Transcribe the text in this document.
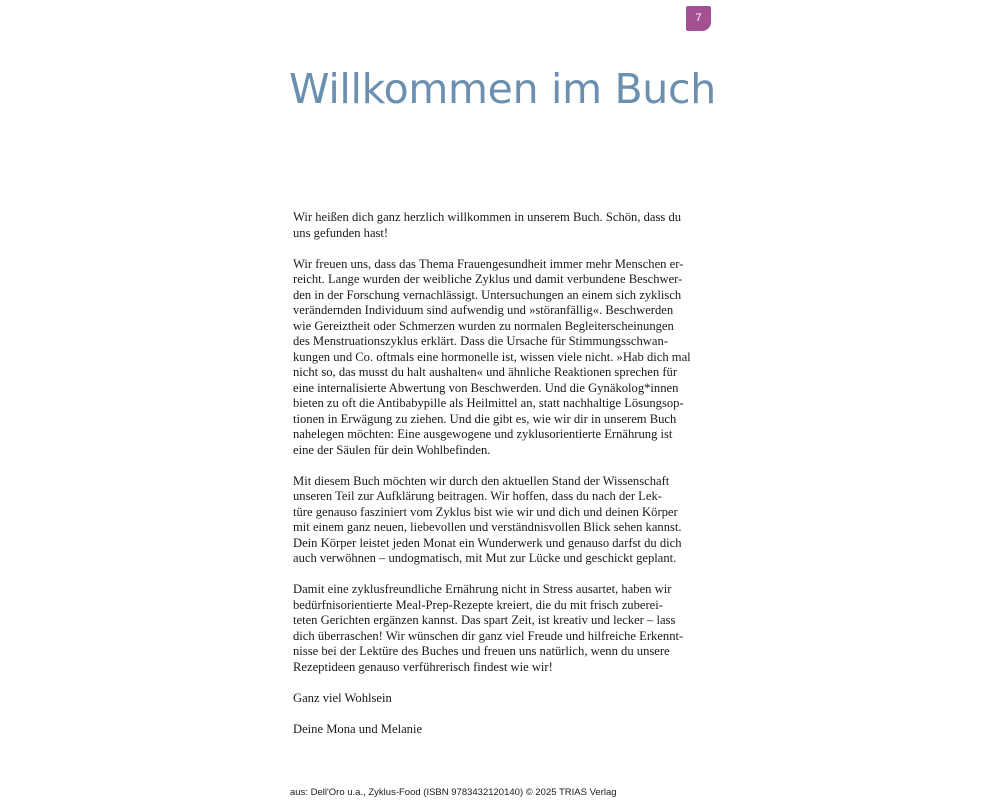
7
Willkommen im Buch

Wir heißen dich ganz herzlich willkommen in unserem Buch. Schön, dass du
uns gefunden hast!

Wir freuen uns, dass das Thema Frauengesundheit immer mehr Menschen er-
reicht. Lange wurden der weibliche Zyklus und damit verbundene Beschwer-
den in der Forschung vernachlässigt. Untersuchungen an einem sich zyklisch
verändernden Individuum sind aufwendig und »störanfällig«. Beschwerden
wie Gereiztheit oder Schmerzen wurden zu normalen Begleiterscheinungen
des Menstruationszyklus erklärt. Dass die Ursache für Stimmungsschwan-
kungen und Co. oftmals eine hormonelle ist, wissen viele nicht. »Hab dich mal
nicht so, das musst du halt aushalten« und ähnliche Reaktionen sprechen für
eine internalisierte Abwertung von Beschwerden. Und die Gynäkolog*innen
bieten zu oft die Antibabypille als Heilmittel an, statt nachhaltige Lösungsop-
tionen in Erwägung zu ziehen. Und die gibt es, wie wir dir in unserem Buch
nahelegen möchten: Eine ausgewogene und zyklusorientierte Ernährung ist
eine der Säulen für dein Wohlbefinden.

Mit diesem Buch möchten wir durch den aktuellen Stand der Wissenschaft
unseren Teil zur Aufklärung beitragen. Wir hoffen, dass du nach der Lek-
türe genauso fasziniert vom Zyklus bist wie wir und dich und deinen Körper
mit einem ganz neuen, liebevollen und verständnisvollen Blick sehen kannst.
Dein Körper leistet jeden Monat ein Wunderwerk und genauso darfst du dich
auch verwöhnen – undogmatisch, mit Mut zur Lücke und geschickt geplant.

Damit eine zyklusfreundliche Ernährung nicht in Stress ausartet, haben wir
bedürfnisorientierte Meal-Prep-Rezepte kreiert, die du mit frisch zuberei-
teten Gerichten ergänzen kannst. Das spart Zeit, ist kreativ und lecker – lass
dich überraschen! Wir wünschen dir ganz viel Freude und hilfreiche Erkennt-
nisse bei der Lektüre des Buches und freuen uns natürlich, wenn du unsere
Rezeptideen genauso verführerisch findest wie wir!

Ganz viel Wohlsein

Deine Mona und Melanie

aus: Dell'Oro u.a., Zyklus-Food (ISBN 9783432120140) © 2025 TRIAS Verlag
